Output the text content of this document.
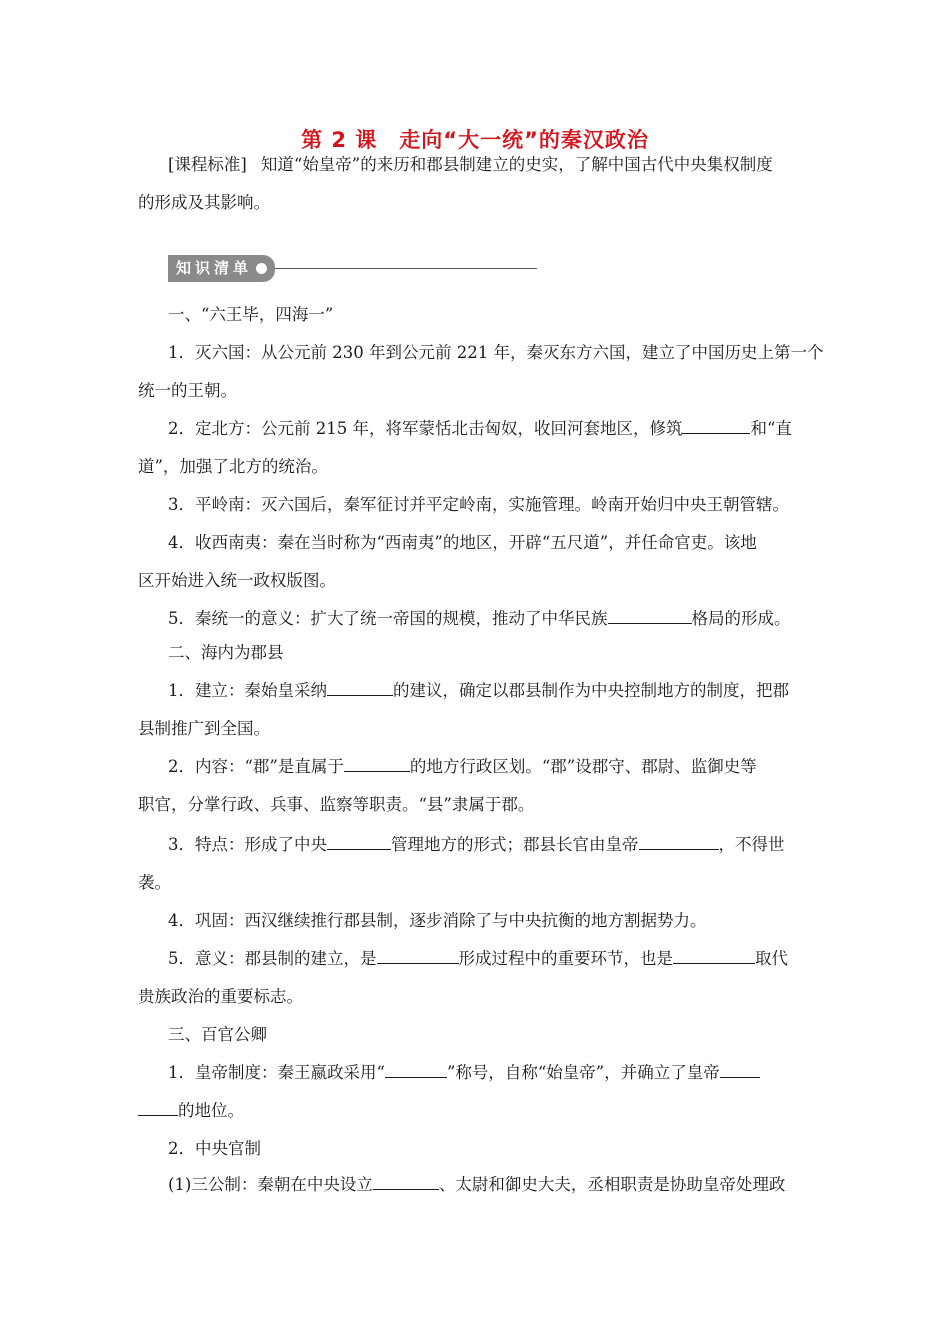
第 2 课　走向“大一统”的秦汉政治
[课程标准] 知道“始皇帝”的来历和郡县制建立的史实，了解中国古代中央集权制度
的形成及其影响。
知识清单
一、“六王毕，四海一”
1．灭六国：从公元前 230 年到公元前 221 年，秦灭东方六国，建立了中国历史上第一个
统一的王朝。
2．定北方：公元前 215 年，将军蒙恬北击匈奴，收回河套地区，修筑	和“直
道”，加强了北方的统治。
3．平岭南：灭六国后，秦军征讨并平定岭南，实施管理。岭南开始归中央王朝管辖。
4．收西南夷：秦在当时称为“西南夷”的地区，开辟“五尺道”，并任命官吏。该地
区开始进入统一政权版图。
5．秦统一的意义：扩大了统一帝国的规模，推动了中华民族	格局的形成。
二、海内为郡县
1．建立：秦始皇采纳	的建议，确定以郡县制作为中央控制地方的制度，把郡
县制推广到全国。
2．内容：“郡”是直属于	的地方行政区划。“郡”设郡守、郡尉、监御史等
职官，分掌行政、兵事、监察等职责。“县”隶属于郡。
3．特点：形成了中央	管理地方的形式；郡县长官由皇帝	，不得世
袭。
4．巩固：西汉继续推行郡县制，逐步消除了与中央抗衡的地方割据势力。
5．意义：郡县制的建立，是	形成过程中的重要环节，也是	取代
贵族政治的重要标志。
三、百官公卿
1．皇帝制度：秦王嬴政采用“	”称号，自称“始皇帝”，并确立了皇帝
的地位。
2．中央官制
(1)三公制：秦朝在中央设立	、太尉和御史大夫，丞相职责是协助皇帝处理政
